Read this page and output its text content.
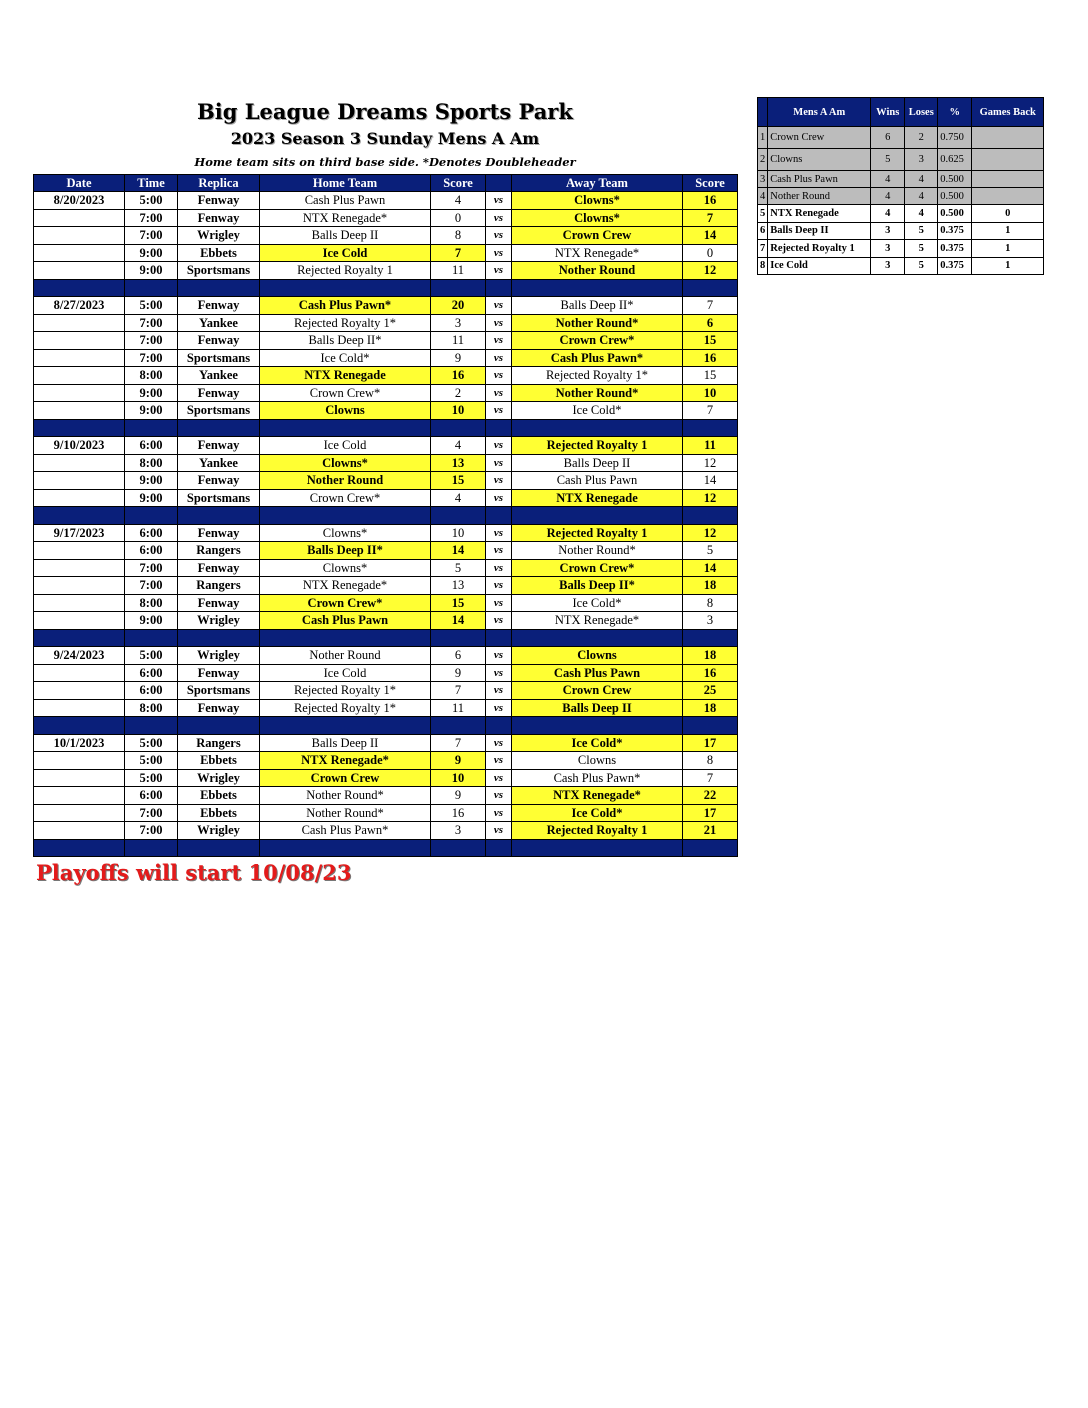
Big League Dreams Sports Park
2023 Season 3 Sunday Mens A Am
Home team sits on third base side. *Denotes Doubleheader
Date	Time	Replica	Home Team	Score		Away Team	Score
8/20/2023	5:00	Fenway	Cash Plus Pawn	4	vs	Clowns*	16
	7:00	Fenway	NTX Renegade*	0	vs	Clowns*	7
	7:00	Wrigley	Balls Deep II	8	vs	Crown Crew	14
	9:00	Ebbets	Ice Cold	7	vs	NTX Renegade*	0
	9:00	Sportsmans	Rejected Royalty 1	11	vs	Nother Round	12

8/27/2023	5:00	Fenway	Cash Plus Pawn*	20	vs	Balls Deep II*	7
	7:00	Yankee	Rejected Royalty 1*	3	vs	Nother Round*	6
	7:00	Fenway	Balls Deep II*	11	vs	Crown Crew*	15
	7:00	Sportsmans	Ice Cold*	9	vs	Cash Plus Pawn*	16
	8:00	Yankee	NTX Renegade	16	vs	Rejected Royalty 1*	15
	9:00	Fenway	Crown Crew*	2	vs	Nother Round*	10
	9:00	Sportsmans	Clowns	10	vs	Ice Cold*	7

9/10/2023	6:00	Fenway	Ice Cold	4	vs	Rejected Royalty 1	11
	8:00	Yankee	Clowns*	13	vs	Balls Deep II	12
	9:00	Fenway	Nother Round	15	vs	Cash Plus Pawn	14
	9:00	Sportsmans	Crown Crew*	4	vs	NTX Renegade	12

9/17/2023	6:00	Fenway	Clowns*	10	vs	Rejected Royalty 1	12
	6:00	Rangers	Balls Deep II*	14	vs	Nother Round*	5
	7:00	Fenway	Clowns*	5	vs	Crown Crew*	14
	7:00	Rangers	NTX Renegade*	13	vs	Balls Deep II*	18
	8:00	Fenway	Crown Crew*	15	vs	Ice Cold*	8
	9:00	Wrigley	Cash Plus Pawn	14	vs	NTX Renegade*	3

9/24/2023	5:00	Wrigley	Nother Round	6	vs	Clowns	18
	6:00	Fenway	Ice Cold	9	vs	Cash Plus Pawn	16
	6:00	Sportsmans	Rejected Royalty 1*	7	vs	Crown Crew	25
	8:00	Fenway	Rejected Royalty 1*	11	vs	Balls Deep II	18

10/1/2023	5:00	Rangers	Balls Deep II	7	vs	Ice Cold*	17
	5:00	Ebbets	NTX Renegade*	9	vs	Clowns	8
	5:00	Wrigley	Crown Crew	10	vs	Cash Plus Pawn*	7
	6:00	Ebbets	Nother Round*	9	vs	NTX Renegade*	22
	7:00	Ebbets	Nother Round*	16	vs	Ice Cold*	17
	7:00	Wrigley	Cash Plus Pawn*	3	vs	Rejected Royalty 1	21

Playoffs will start 10/08/23
	Mens A Am	Wins	Loses	%	Games Back
1	Crown Crew	6	2	0.750	
2	Clowns	5	3	0.625	
3	Cash Plus Pawn	4	4	0.500	
4	Nother Round	4	4	0.500	
5	NTX Renegade	4	4	0.500	0
6	Balls Deep II	3	5	0.375	1
7	Rejected Royalty 1	3	5	0.375	1
8	Ice Cold	3	5	0.375	1
